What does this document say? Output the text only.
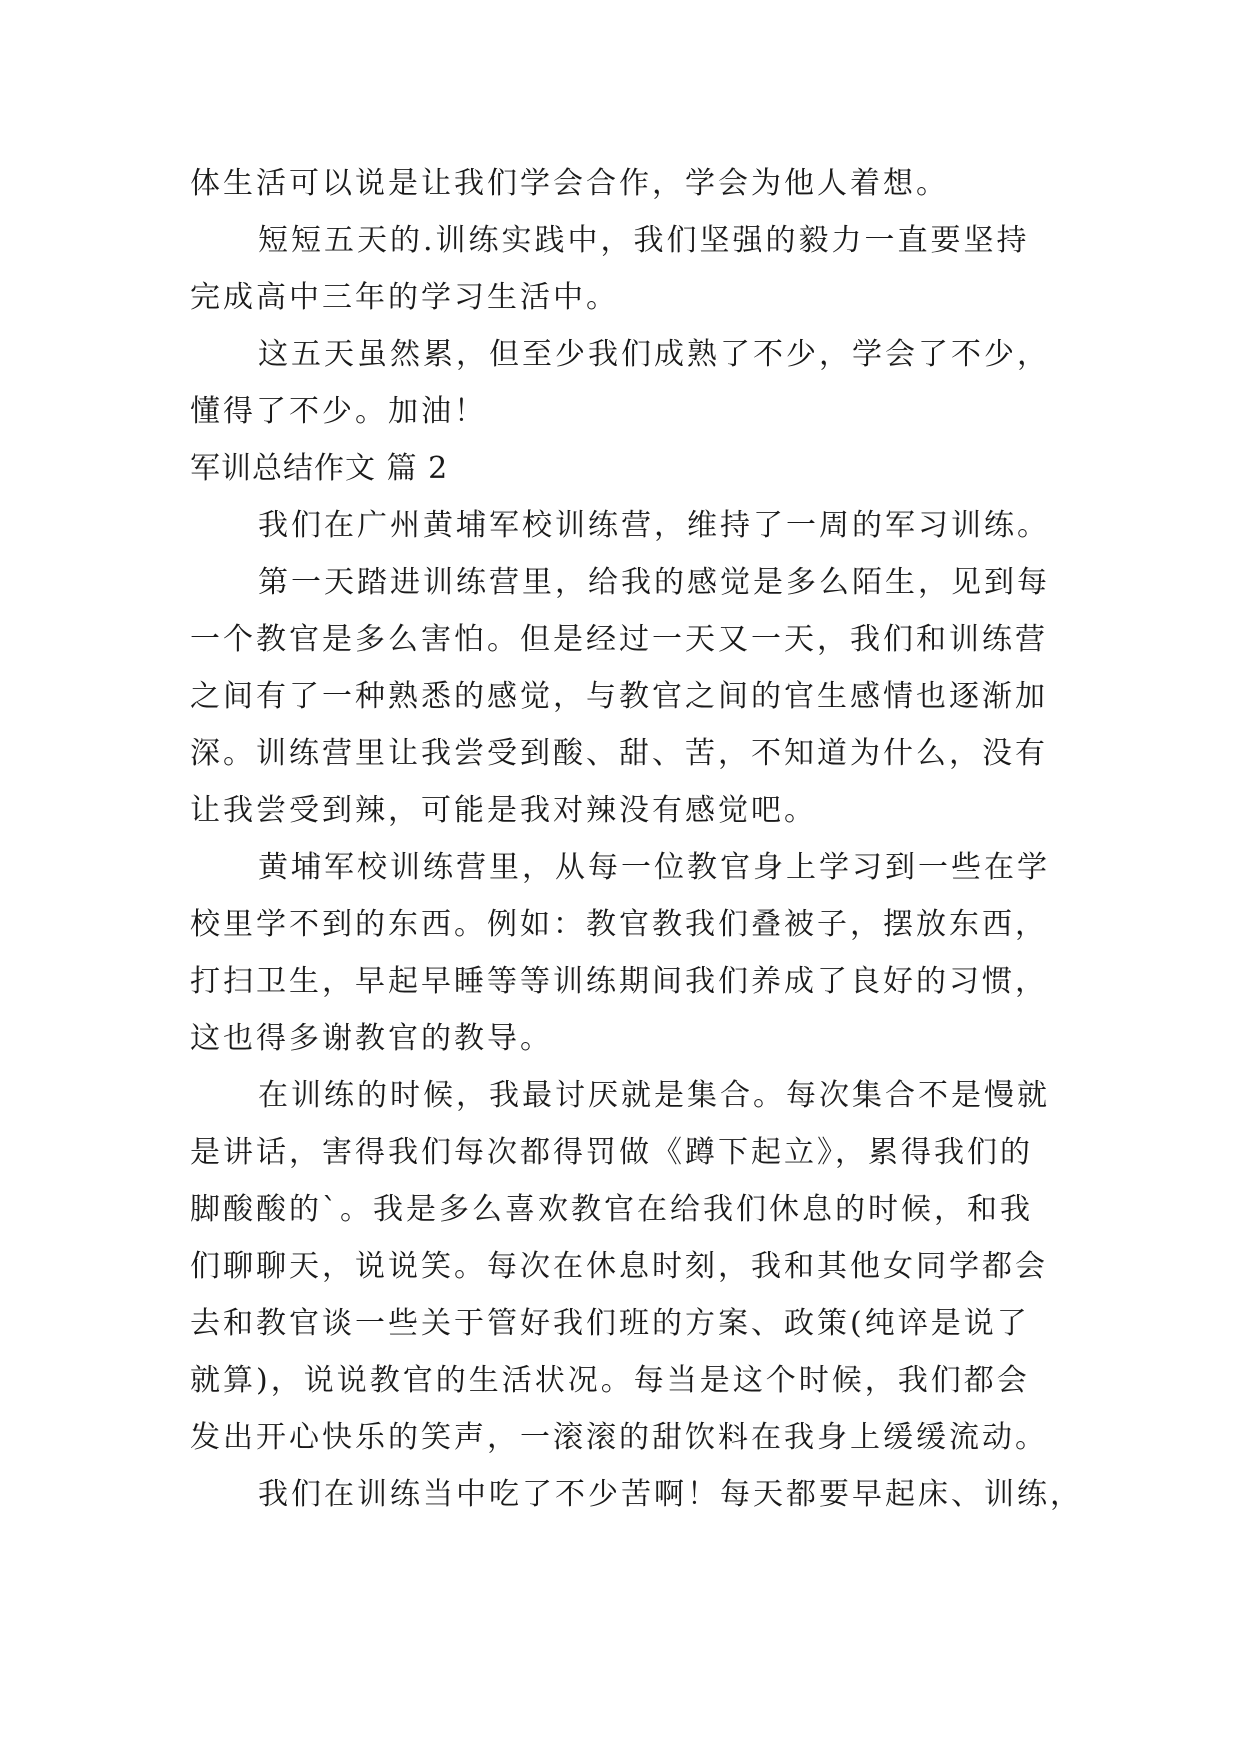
体生活可以说是让我们学会合作，学会为他人着想。
短短五天的.训练实践中，我们坚强的毅力一直要坚持
完成高中三年的学习生活中。
这五天虽然累，但至少我们成熟了不少，学会了不少，
懂得了不少。加油！
军训总结作文 篇 2
我们在广州黄埔军校训练营，维持了一周的军习训练。
第一天踏进训练营里，给我的感觉是多么陌生，见到每
一个教官是多么害怕。但是经过一天又一天，我们和训练营
之间有了一种熟悉的感觉，与教官之间的官生感情也逐渐加
深。训练营里让我尝受到酸、甜、苦，不知道为什么，没有
让我尝受到辣，可能是我对辣没有感觉吧。
黄埔军校训练营里，从每一位教官身上学习到一些在学
校里学不到的东西。例如：教官教我们叠被子，摆放东西，
打扫卫生，早起早睡等等训练期间我们养成了良好的习惯，
这也得多谢教官的教导。
在训练的时候，我最讨厌就是集合。每次集合不是慢就
是讲话，害得我们每次都得罚做《蹲下起立》，累得我们的
脚酸酸的`。我是多么喜欢教官在给我们休息的时候，和我
们聊聊天，说说笑。每次在休息时刻，我和其他女同学都会
去和教官谈一些关于管好我们班的方案、政策(纯谇是说了
就算)，说说教官的生活状况。每当是这个时候，我们都会
发出开心快乐的笑声，一滚滚的甜饮料在我身上缓缓流动。
我们在训练当中吃了不少苦啊！每天都要早起床、训练，
